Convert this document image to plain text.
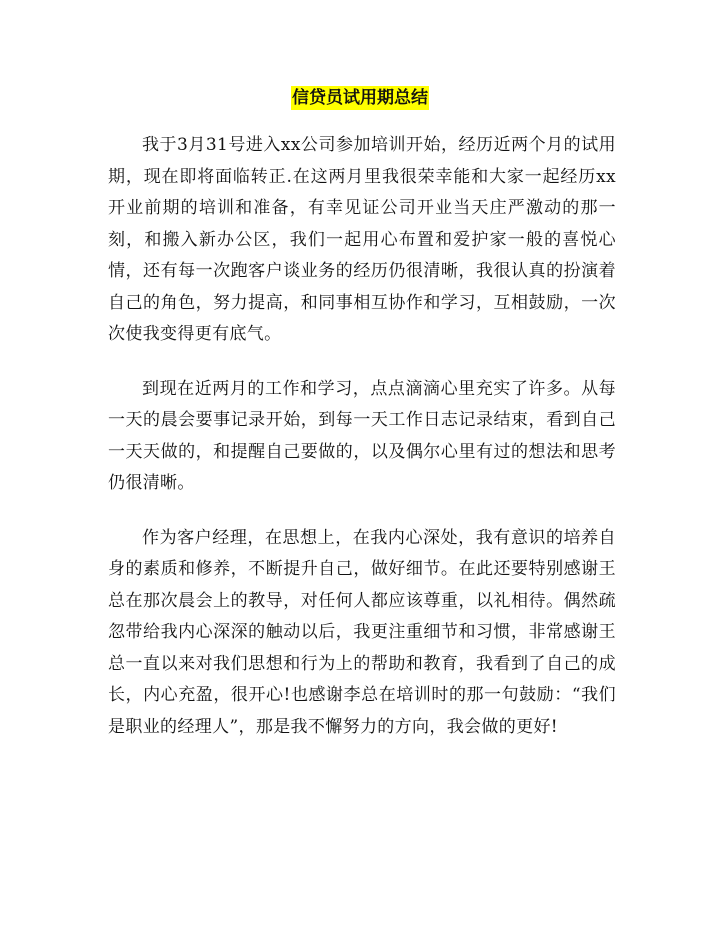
信贷员试用期总结

我于3月31号进入xx公司参加培训开始，经历近两个月的试用期，现在即将面临转正.在这两月里我很荣幸能和大家一起经历xx开业前期的培训和准备，有幸见证公司开业当天庄严激动的那一刻，和搬入新办公区，我们一起用心布置和爱护家一般的喜悦心情，还有每一次跑客户谈业务的经历仍很清晰，我很认真的扮演着自己的角色，努力提高，和同事相互协作和学习，互相鼓励，一次次使我变得更有底气。

到现在近两月的工作和学习，点点滴滴心里充实了许多。从每一天的晨会要事记录开始，到每一天工作日志记录结束，看到自己一天天做的，和提醒自己要做的，以及偶尔心里有过的想法和思考仍很清晰。

作为客户经理，在思想上，在我内心深处，我有意识的培养自身的素质和修养，不断提升自己，做好细节。在此还要特别感谢王总在那次晨会上的教导，对任何人都应该尊重，以礼相待。偶然疏忽带给我内心深深的触动以后，我更注重细节和习惯，非常感谢王总一直以来对我们思想和行为上的帮助和教育，我看到了自己的成长，内心充盈，很开心!也感谢李总在培训时的那一句鼓励：“我们是职业的经理人”，那是我不懈努力的方向，我会做的更好!
